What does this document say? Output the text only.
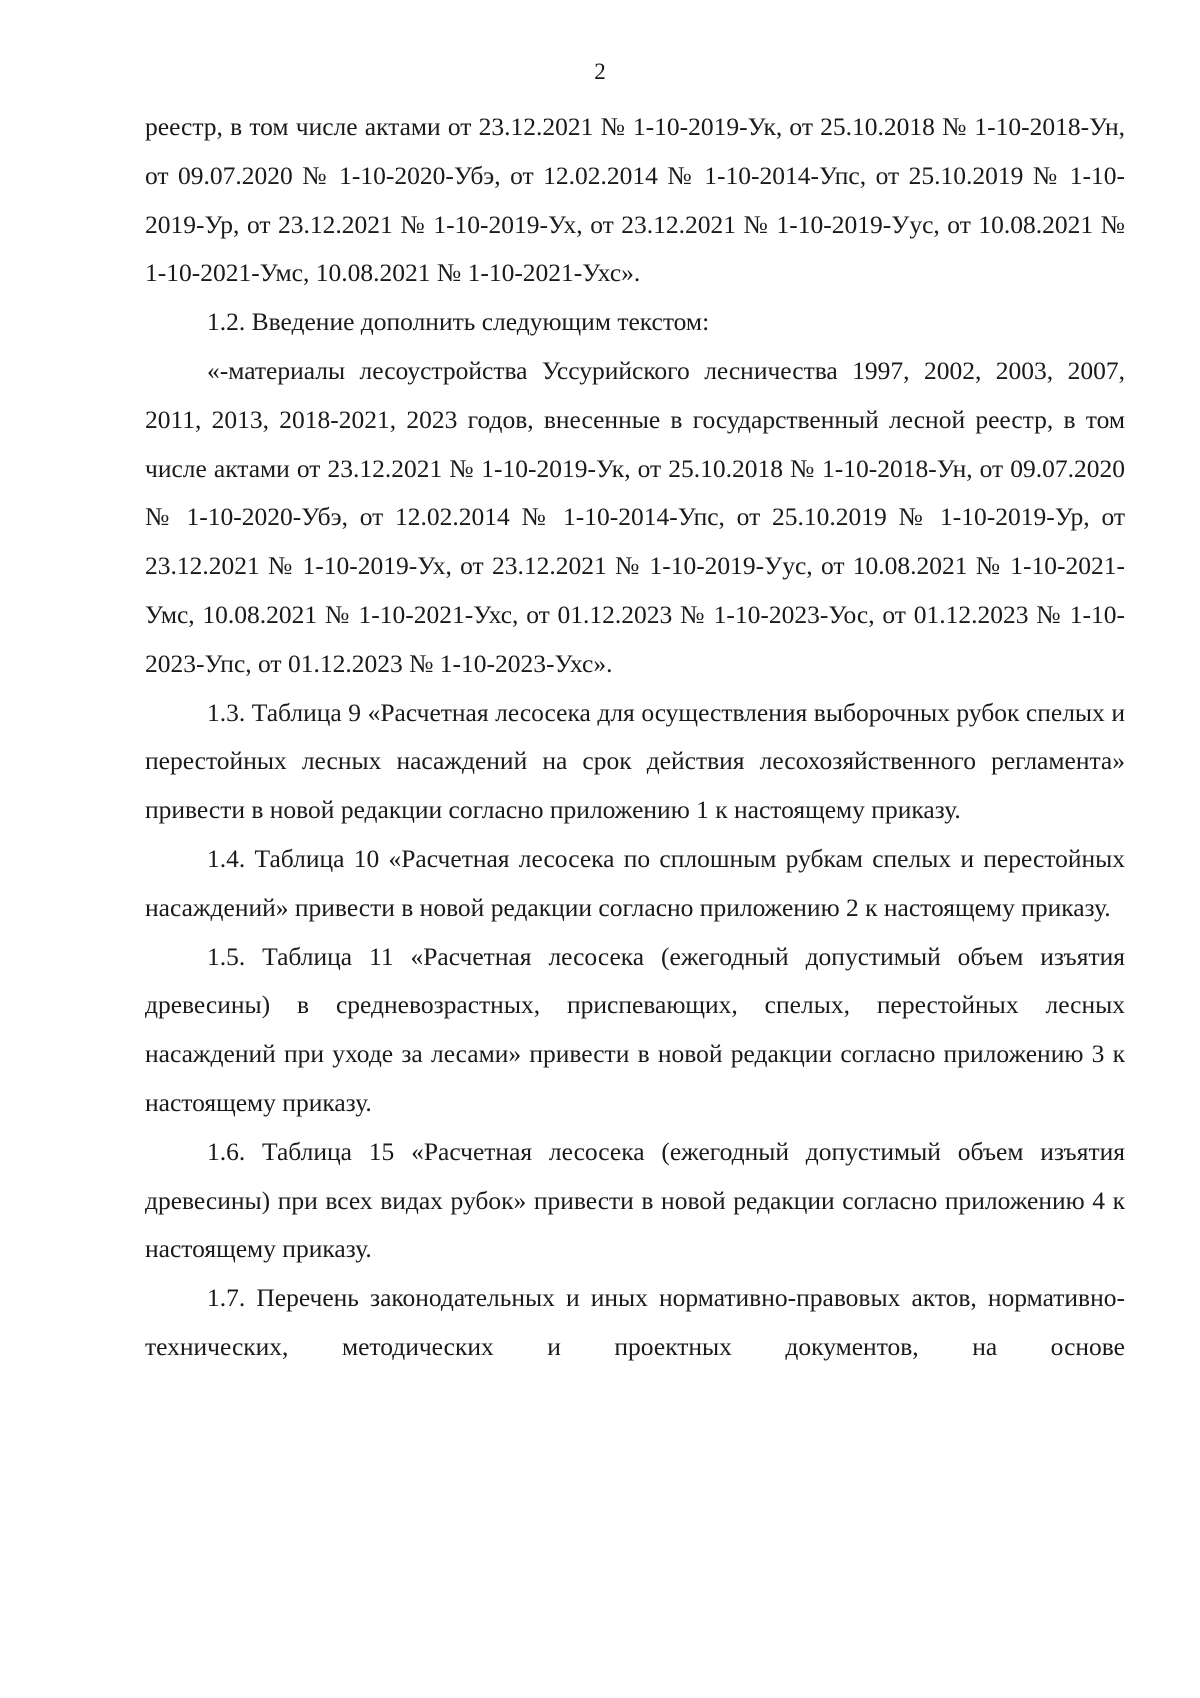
2

реестр, в том числе актами от 23.12.2021 № 1-10-2019-Ук, от 25.10.2018 № 1-10-2018-Ун, от 09.07.2020 № 1-10-2020-Убэ, от 12.02.2014 № 1-10-2014-Упс, от 25.10.2019 № 1-10-2019-Ур, от 23.12.2021 № 1-10-2019-Ух, от 23.12.2021 № 1-10-2019-Уус, от 10.08.2021 № 1-10-2021-Умс, 10.08.2021 № 1-10-2021-Ухс».

1.2. Введение дополнить следующим текстом:

«-материалы лесоустройства Уссурийского лесничества 1997, 2002, 2003, 2007, 2011, 2013, 2018-2021, 2023 годов, внесенные в государственный лесной реестр, в том числе актами от 23.12.2021 № 1-10-2019-Ук, от 25.10.2018 № 1-10-2018-Ун, от 09.07.2020 № 1-10-2020-Убэ, от 12.02.2014 № 1-10-2014-Упс, от 25.10.2019 № 1-10-2019-Ур, от 23.12.2021 № 1-10-2019-Ух, от 23.12.2021 № 1-10-2019-Уус, от 10.08.2021 № 1-10-2021-Умс, 10.08.2021 № 1-10-2021-Ухс, от 01.12.2023 № 1-10-2023-Уос, от 01.12.2023 № 1-10-2023-Упс, от 01.12.2023 № 1-10-2023-Ухс».

1.3. Таблица 9 «Расчетная лесосека для осуществления выборочных рубок спелых и перестойных лесных насаждений на срок действия лесохозяйственного регламента» привести в новой редакции согласно приложению 1 к настоящему приказу.

1.4. Таблица 10 «Расчетная лесосека по сплошным рубкам спелых и перестойных насаждений» привести в новой редакции согласно приложению 2 к настоящему приказу.

1.5. Таблица 11 «Расчетная лесосека (ежегодный допустимый объем изъятия древесины) в средневозрастных, приспевающих, спелых, перестойных лесных насаждений при уходе за лесами» привести в новой редакции согласно приложению 3 к настоящему приказу.

1.6. Таблица 15 «Расчетная лесосека (ежегодный допустимый объем изъятия древесины) при всех видах рубок» привести в новой редакции согласно приложению 4 к настоящему приказу.

1.7. Перечень законодательных и иных нормативно-правовых актов, нормативно-технических, методических и проектных документов, на основе
